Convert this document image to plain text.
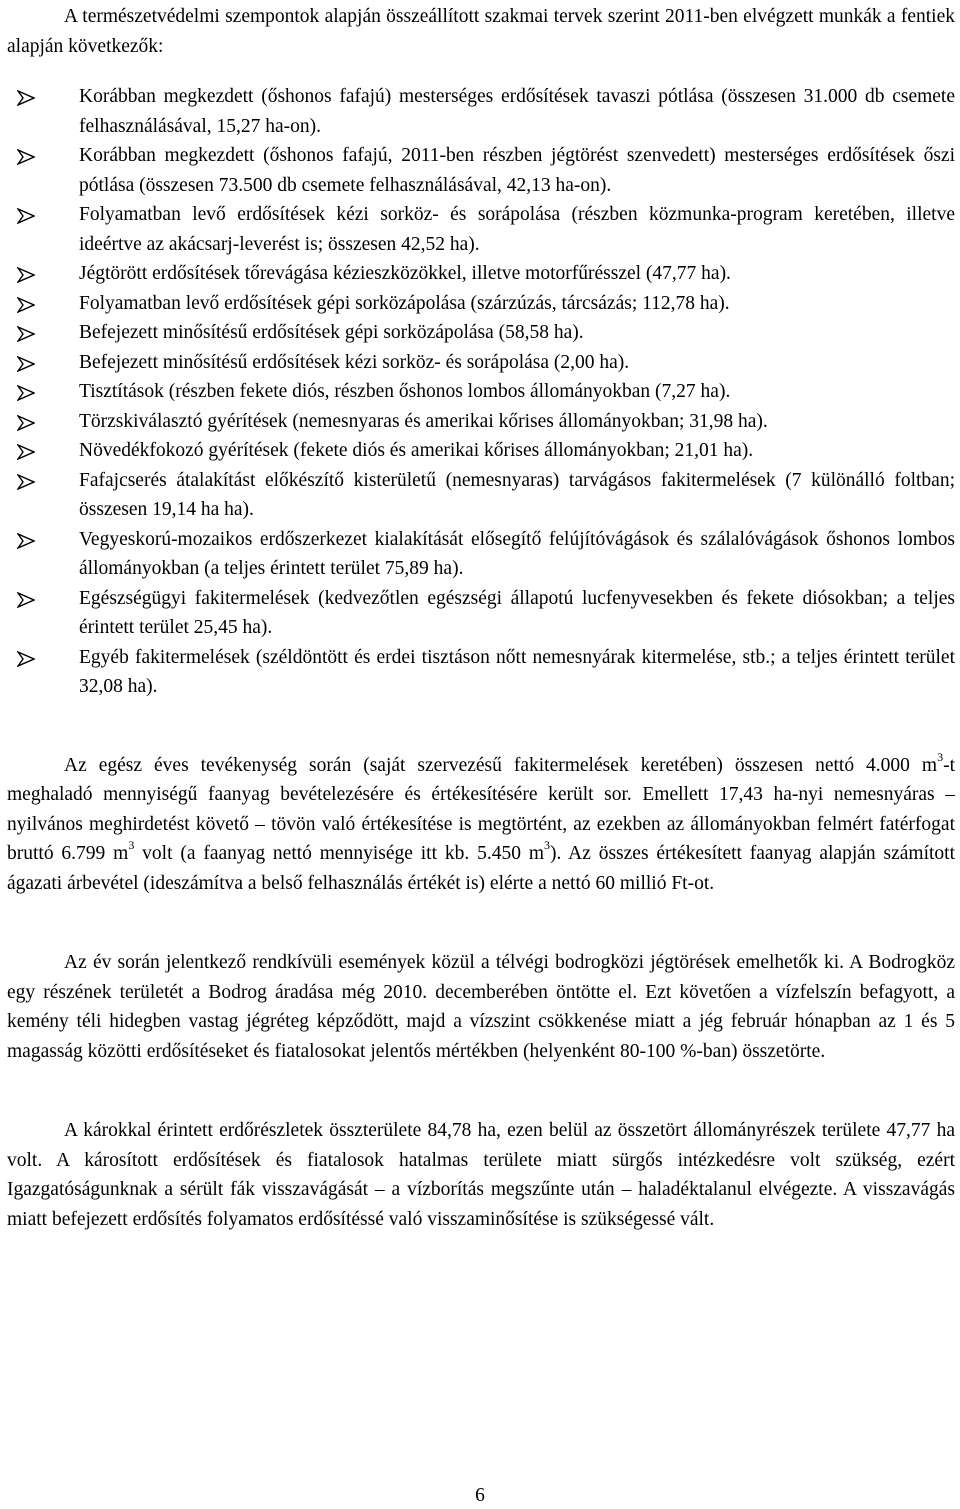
A természetvédelmi szempontok alapján összeállított szakmai tervek szerint 2011-ben elvégzett munkák a fentiek alapján következők:

Korábban megkezdett (őshonos fafajú) mesterséges erdősítések tavaszi pótlása (összesen 31.000 db csemete felhasználásával, 15,27 ha-on).
Korábban megkezdett (őshonos fafajú, 2011-ben részben jégtörést szenvedett) mesterséges erdősítések őszi pótlása (összesen 73.500 db csemete felhasználásával, 42,13 ha-on).
Folyamatban levő erdősítések kézi sorköz- és sorápolása (részben közmunka-program keretében, illetve ideértve az akácsarj-leverést is; összesen 42,52 ha).
Jégtörött erdősítések tőrevágása kézieszközökkel, illetve motorfűrésszel (47,77 ha).
Folyamatban levő erdősítések gépi sorközápolása (szárzúzás, tárcsázás; 112,78 ha).
Befejezett minősítésű erdősítések gépi sorközápolása (58,58 ha).
Befejezett minősítésű erdősítések kézi sorköz- és sorápolása (2,00 ha).
Tisztítások (részben fekete diós, részben őshonos lombos állományokban (7,27 ha).
Törzskiválasztó gyérítések (nemesnyaras és amerikai kőrises állományokban; 31,98 ha).
Növedékfokozó gyérítések (fekete diós és amerikai kőrises állományokban; 21,01 ha).
Fafajcserés átalakítást előkészítő kisterületű (nemesnyaras) tarvágásos fakitermelések (7 különálló foltban; összesen 19,14 ha ha).
Vegyeskorú-mozaikos erdőszerkezet kialakítását elősegítő felújítóvágások és szálalóvágások őshonos lombos állományokban (a teljes érintett terület 75,89 ha).
Egészségügyi fakitermelések (kedvezőtlen egészségi állapotú lucfenyvesekben és fekete diósokban; a teljes érintett terület 25,45 ha).
Egyéb fakitermelések (széldöntött és erdei tisztáson nőtt nemesnyárak kitermelése, stb.; a teljes érintett terület 32,08 ha).

Az egész éves tevékenység során (saját szervezésű fakitermelések keretében) összesen nettó 4.000 $m^3-t$ meghaladó mennyiségű faanyag bevételezésére és értékesítésére került sor. Emellett 17,43 ha-nyi nemesnyáras – nyilvános meghirdetést követő – tövön való értékesítése is megtörtént, az ezekben az állományokban felmért fatérfogat bruttó 6.799 $m^3$ volt (a faanyag nettó mennyisége itt kb. 5.450 $m^3$). Az összes értékesített faanyag alapján számított ágazati árbevétel (ideszámítva a belső felhasználás értékét is) elérte a nettó 60 millió Ft-ot.

Az év során jelentkező rendkívüli események közül a télvégi bodrogközi jégtörések emelhetők ki. A Bodrogköz egy részének területét a Bodrog áradása még 2010. decemberében öntötte el. Ezt követően a vízfelszín befagyott, a kemény téli hidegben vastag jégréteg képződött, majd a vízszint csökkenése miatt a jég február hónapban az 1 és 5 magasság közötti erdősítéseket és fiatalosokat jelentős mértékben (helyenként 80-100 %-ban) összetörte.

A károkkal érintett erdőrészletek összterülete 84,78 ha, ezen belül az összetört állományrészek területe 47,77 ha volt. A károsított erdősítések és fiatalosok hatalmas területe miatt sürgős intézkedésre volt szükség, ezért Igazgatóságunknak a sérült fák visszavágását – a vízborítás megszűnte után – haladéktalanul elvégezte. A visszavágás miatt befejezett erdősítés folyamatos erdősítéssé való visszaminősítése is szükségessé vált.

6
